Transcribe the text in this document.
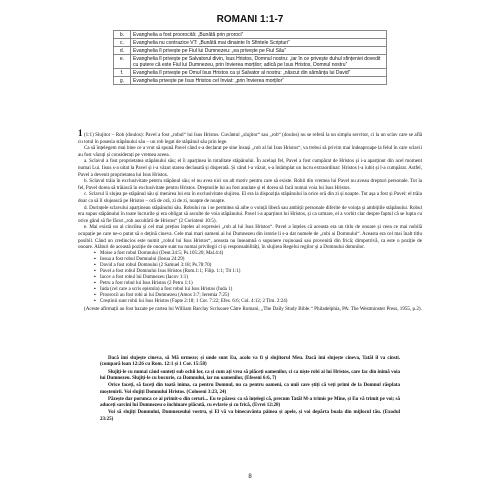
ROMANI 1:1-7
b.	Evanghelia a fost proorocită: „Bunătă prin proroci“
c.	Evanghelia nu contrazice VT: „Bunătă mai dinainte în Sfintele Scripturi“
d.	Evanghelia îl privește pe Fiul lui Dumnezeu: „ea privește pe Fiul Său“
e.	Evanghelia îl privește pe Salvatorul divin, Isus Hristos, Domnul nostru: „iar în ce privește duhul sfințeniei dovedit cu putere că este Fiul lui Dumnezeu, prin învierea morților; adică pe Isus Hristos, Domnul nostru“
f.	Evanghelia îl privește pe Omul Isus Hristos ca și Salvator al nostru: „născut din sămânța lui David“
g.	Evanghelia privește pe Isus Hristos cel înviat: „prin învierea morților“

1 (1:1) Slujitor – Rob (doulos): Pavel a fost „robul“ lui Isus Hristos. Cuvântul „slujitor“ sau „rob“ (doulos) nu se referă la un simplu servitor, ci la un sclav care se află cu totul în posesia stăpânului său – un rob legat de stăpânul său prin lege.

Ca să înțelegem mai bine ce a vrut să spună Pavel când s-a declarat pe sine însuși „rob al lui Isus Hristos“, va trebui să privim mai îndeaproape la felul în care sclavii au fost văzuți și considerați pe vremea aceea.

a. Sclavul a fost proprietatea stăpânului său; el îi aparținea în totalitate stăpânului. În același fel, Pavel a fost cumpărat de Hristos și i-a aparținut din acel moment numai Lui. Iisus s-a uitat la Pavel și i-a văzut starea declasată și disperată. Și când l-a văzut, s-a întâmplat un lucru extraordinar: Hristos l-a iubit și l-a cumpărat. Astfel, Pavel a devenit proprietatea lui Isus Hristos.

b. Sclavul trăia în exclusivitate pentru stăpânul său; el nu avea nici un alt motiv pentru care să existe. Robii din vremea lui Pavel nu aveau drepturi personale. Tot la fel, Pavel dorea să trăiască în exclusivitate pentru Hristos. Drepturile lui au fost anulate și el dorea să facă numai voia lui Isus Hristos.

c. Sclavul îi slujea pe stăpânul său și menirea lui era în exclusivitate slujirea. El era la dispoziția stăpânului la orice oră din zi și noapte. Tot așa a fost și Pavel: el trăia doar ca să îl slujească pe Hristos – oră de oră, zi de zi, noapte de noapte.

d. Dorințele sclavului aparțineau stăpânului său. Robului nu i se permitea să aibe o voință liberă sau ambiții personale diferite de voința și ambițiile stăpânului. Robul era supus stăpânului în toate lucrurile și era obligat să asculte de voia stăpânului. Pavel i-a aparținut lui Hristos, și ca urmare, el a vorbit clar despre faptul că se lupta cu orice gând să fie făcut „rob ascultării de Hristos“ (2 Corinteni 10:5).

e. Mai există un al cincilea și cel mai prețios înțeles al expresiei „rob al lui Isus Hristos“. Pavel a înțeles că aceasta era un titlu de onoare și ceea ce mai nobilă ocupație pe care ne-o putut să o dețină cineva. Cele mai mari oameni ai lui Dumnezeu din istorie li s-a dat numele de „robi ai Domnului“. Aceasta era cel mai înalt titlu posibil. Când un credincios este numit „robul lui Isus Hristos“, aceasta nu înseamnă o supunere rușinoasă sau provenită din frică; dimpotrivă, ca este o poziție de onoare. Alături de această poziție de onoare sunt nu numai privilegii ci și responsabilități, în slujirea Regelui regilor și a Domnului domnilor.

▪ Moise a fost robul Domnului (Deut.34:5; Ps.105:26; Mal.4:4)
▪ Iosua a fost robul Domnului (Iosua 24:29)
▪ David a fost robul Domnului (2 Samuel 3:18; Ps.78:70)
▪ Pavel a fost robul Domnului Isus Hristos (Rom.1:1; Filip. 1:1; Tit 1:1)
▪ Iacov a fost robul lui Dumnezeu (Iacov 1:1)
▪ Petru a fost robul lui Isus Hristos (2 Petru 1:1)
▪ Iuda (cel care a scris epistola) a fost robul lui Isus Hristos (Iuda 1)
▪ Proorocii au fost robi ai lui Dumnezeu (Amos 3:7; Ieremia 7:25)
▪ Creștinii sunt robii lui Isus Hristos (Fapte 2:18; 1 Cor. 7:22; Efes. 6:6; Col. 4:12; 2 Tim. 2:24)

(Aceste afirmații au fost bazate pe cartea lui William Barclay Scrisoare Către Romani, „The Daily Study Bible.“ Philadelphia, PA: The Westminster Press, 1955, p.2).

Dacă îmi slujește cineva, să Mă urmeze; și unde sunt Eu, acolo va fi și slujitorul Meu. Dacă îmi slujește cineva, Tatăl îl va cinsti. (compară loan 12:26 cu Rom. 12:1 și 1 Cor. 15:58)

Slujiți-le cu numai când sunteți sub ochii lor, ca și cum ați vrea să plăceți oamenilor, ci ca niște robi ai lui Hristos, care fac din inimă voia lui Dumnezeu. Slujiți-le cu bucurie, ca Domnului, iar nu oamenilor, (Efeseni 6:6, 7)

Orice faceți, să faceți din toată inima, ca pentru Domnul, nu ca pentru oameni, ca unii care știți că veți primi de la Domnul răsplata moștenirii. Voi slujiți Domnului Hristos. (Coloseni 3:23, 24)

Păzește dar porunca ce ai primit-o din ceruri... Eu te păzesc ca să înțelegi că, precum Tatăl M-a trimis pe Mine, și Eu vă trimit pe voi; să aduceți sarcini lui Dumnezeu o închinare plăcută, cu evlavie și cu frică, (Evrei 12:28)

Voi să slujiți Domnului, Dumnezeului vostru, și El vă va binecuvânta pâinea și apele, și voi depărta boala din mijlocul tău. (Exodul 23:25)

8
